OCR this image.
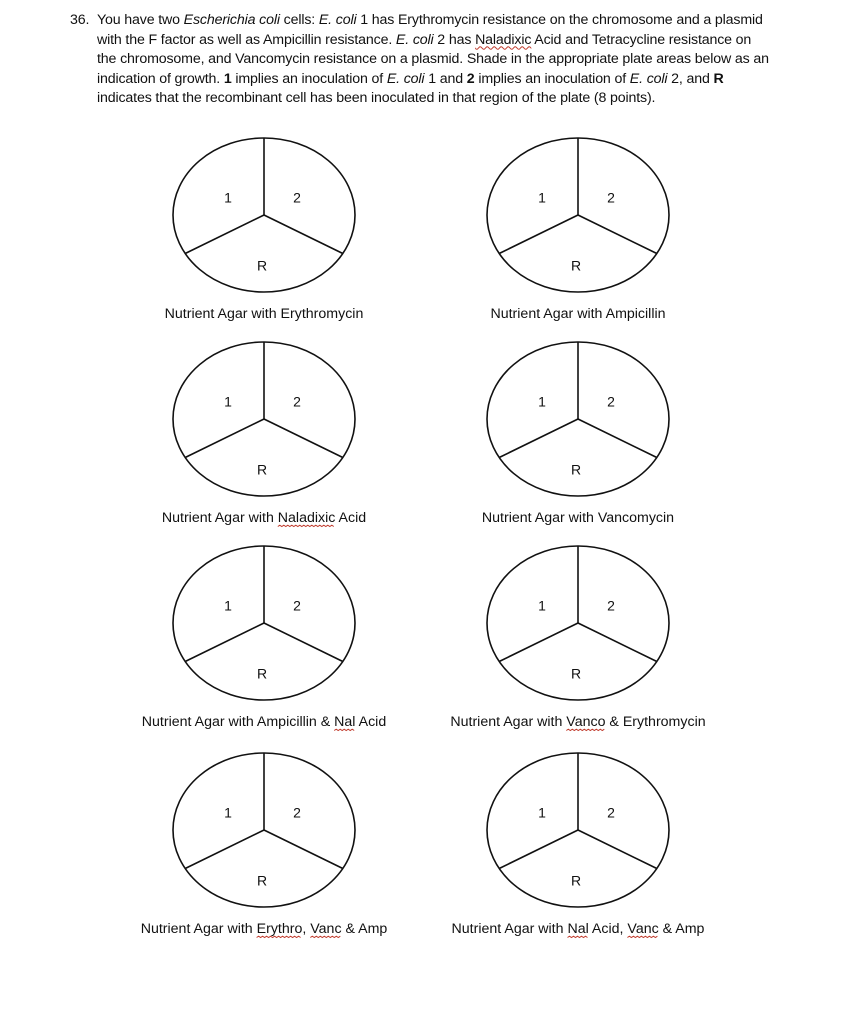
36. You have two Escherichia coli cells: E. coli 1 has Erythromycin resistance on the chromosome and a plasmid with the F factor as well as Ampicillin resistance. E. coli 2 has Naladixic Acid and Tetracycline resistance on the chromosome, and Vancomycin resistance on a plasmid. Shade in the appropriate plate areas below as an indication of growth. 1 implies an inoculation of E. coli 1 and 2 implies an inoculation of E. coli 2, and R indicates that the recombinant cell has been inoculated in that region of the plate (8 points).
1	2
R
Nutrient Agar with Erythromycin
1	2
R
Nutrient Agar with Ampicillin
1	2
R
Nutrient Agar with Naladixic Acid
1	2
R
Nutrient Agar with Vancomycin
1	2
R
Nutrient Agar with Ampicillin & Nal Acid
1	2
R
Nutrient Agar with Vanco & Erythromycin
1	2
R
Nutrient Agar with Erythro, Vanc & Amp
1	2
R
Nutrient Agar with Nal Acid, Vanc & Amp
